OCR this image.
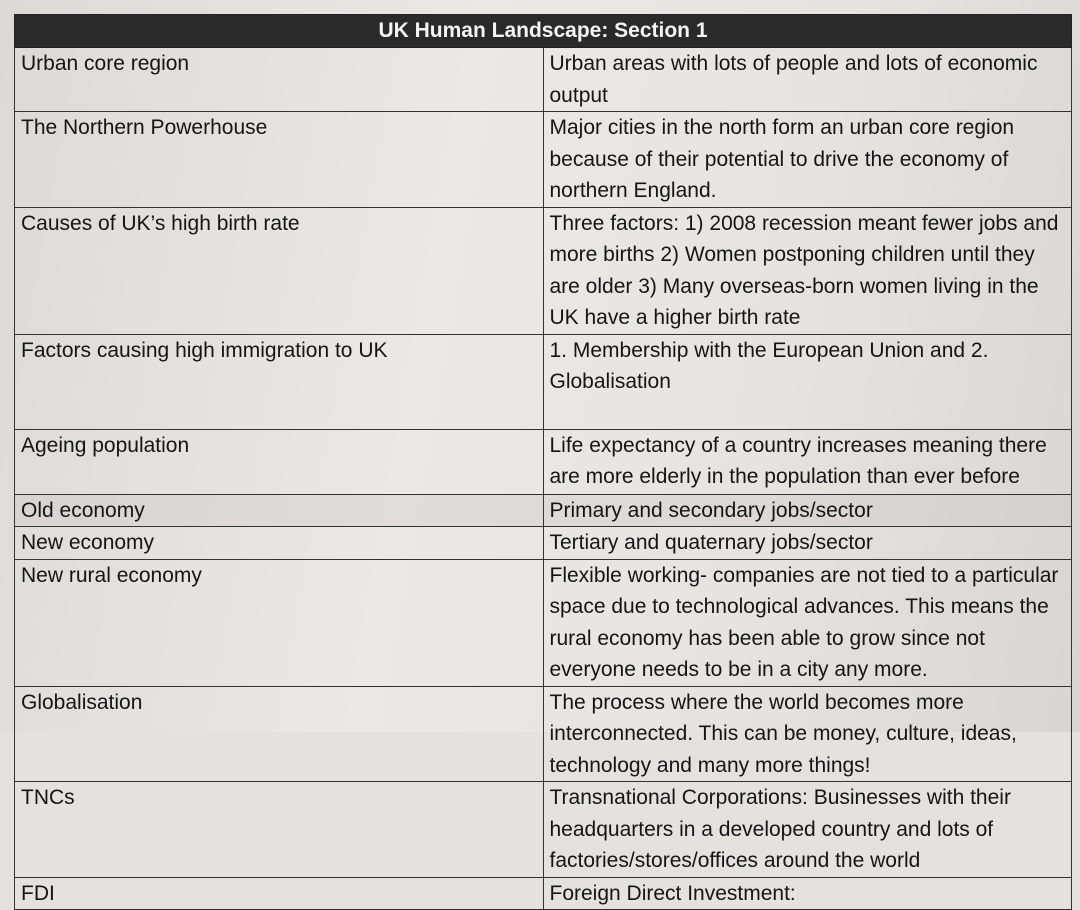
UK Human Landscape: Section 1	
Urban core region	Urban areas with lots of people and lots of economic output
The Northern Powerhouse	Major cities in the north form an urban core region because of their potential to drive the economy of northern England.
Causes of UK’s high birth rate	Three factors: 1) 2008 recession meant fewer jobs and more births 2) Women postponing children until they are older 3) Many overseas-born women living in the UK have a higher birth rate
Factors causing high immigration to UK	1. Membership with the European Union and 2. Globalisation
Ageing population	Life expectancy of a country increases meaning there are more elderly in the population than ever before
Old economy	Primary and secondary jobs/sector
New economy	Tertiary and quaternary jobs/sector
New rural economy	Flexible working- companies are not tied to a particular space due to technological advances. This means the rural economy has been able to grow since not everyone needs to be in a city any more.
Globalisation	The process where the world becomes more interconnected. This can be money, culture, ideas, technology and many more things!
TNCs	Transnational Corporations: Businesses with their headquarters in a developed country and lots of factories/stores/offices around the world
FDI	Foreign Direct Investment:
